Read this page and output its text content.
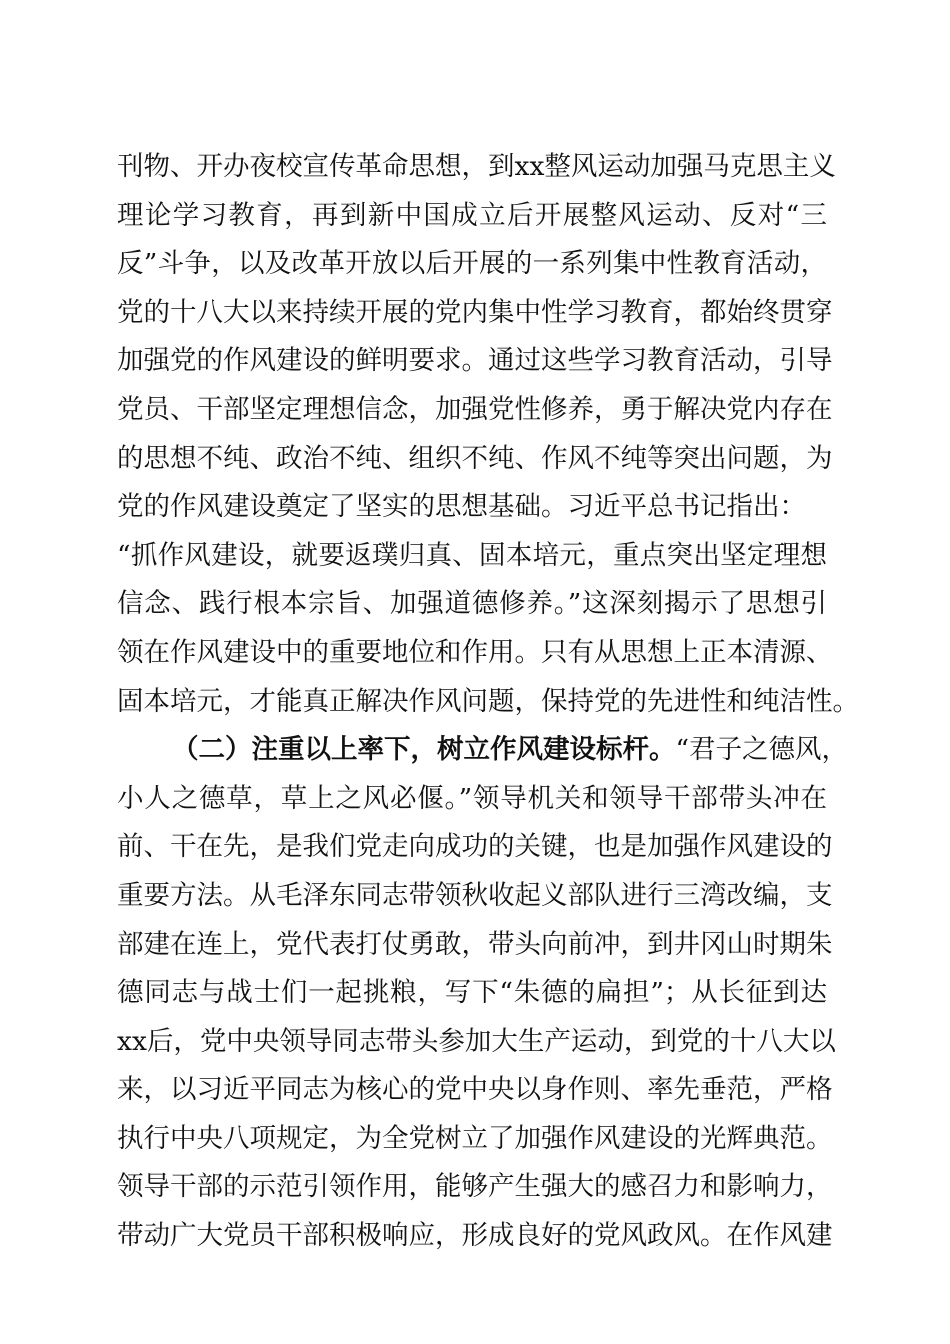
刊物、开办夜校宣传革命思想，到xx整风运动加强马克思主义
理论学习教育，再到新中国成立后开展整风运动、反对“三
反”斗争，以及改革开放以后开展的一系列集中性教育活动，
党的十八大以来持续开展的党内集中性学习教育，都始终贯穿
加强党的作风建设的鲜明要求。通过这些学习教育活动，引导
党员、干部坚定理想信念，加强党性修养，勇于解决党内存在
的思想不纯、政治不纯、组织不纯、作风不纯等突出问题，为
党的作风建设奠定了坚实的思想基础。习近平总书记指出：
“抓作风建设，就要返璞归真、固本培元，重点突出坚定理想
信念、践行根本宗旨、加强道德修养。”这深刻揭示了思想引
领在作风建设中的重要地位和作用。只有从思想上正本清源、
固本培元，才能真正解决作风问题，保持党的先进性和纯洁性。
（二）注重以上率下，树立作风建设标杆。“君子之德风，
小人之德草，草上之风必偃。”领导机关和领导干部带头冲在
前、干在先，是我们党走向成功的关键，也是加强作风建设的
重要方法。从毛泽东同志带领秋收起义部队进行三湾改编，支
部建在连上，党代表打仗勇敢，带头向前冲，到井冈山时期朱
德同志与战士们一起挑粮，写下“朱德的扁担”；从长征到达
xx后，党中央领导同志带头参加大生产运动，到党的十八大以
来，以习近平同志为核心的党中央以身作则、率先垂范，严格
执行中央八项规定，为全党树立了加强作风建设的光辉典范。
领导干部的示范引领作用，能够产生强大的感召力和影响力，
带动广大党员干部积极响应，形成良好的党风政风。在作风建
